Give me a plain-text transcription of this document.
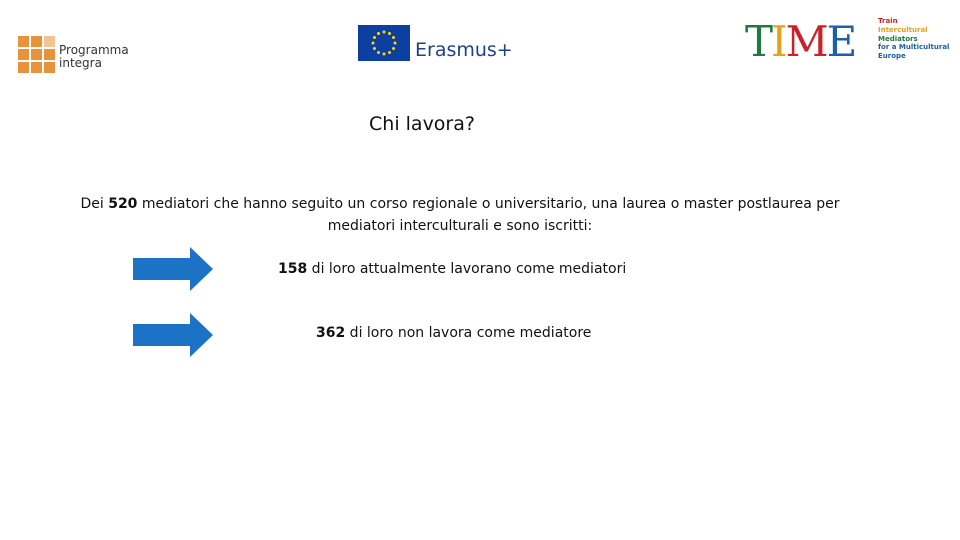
Programma
integra
Erasmus+	TIME	Train
Intercultural
Mediators
for a Multicultural
Europe
Chi lavora?
Dei 520 mediatori che hanno seguito un corso regionale o universitario, una laurea o master postlaurea per mediatori interculturali e sono iscritti:
158 di loro attualmente lavorano come mediatori
362 di loro non lavora come mediatore
